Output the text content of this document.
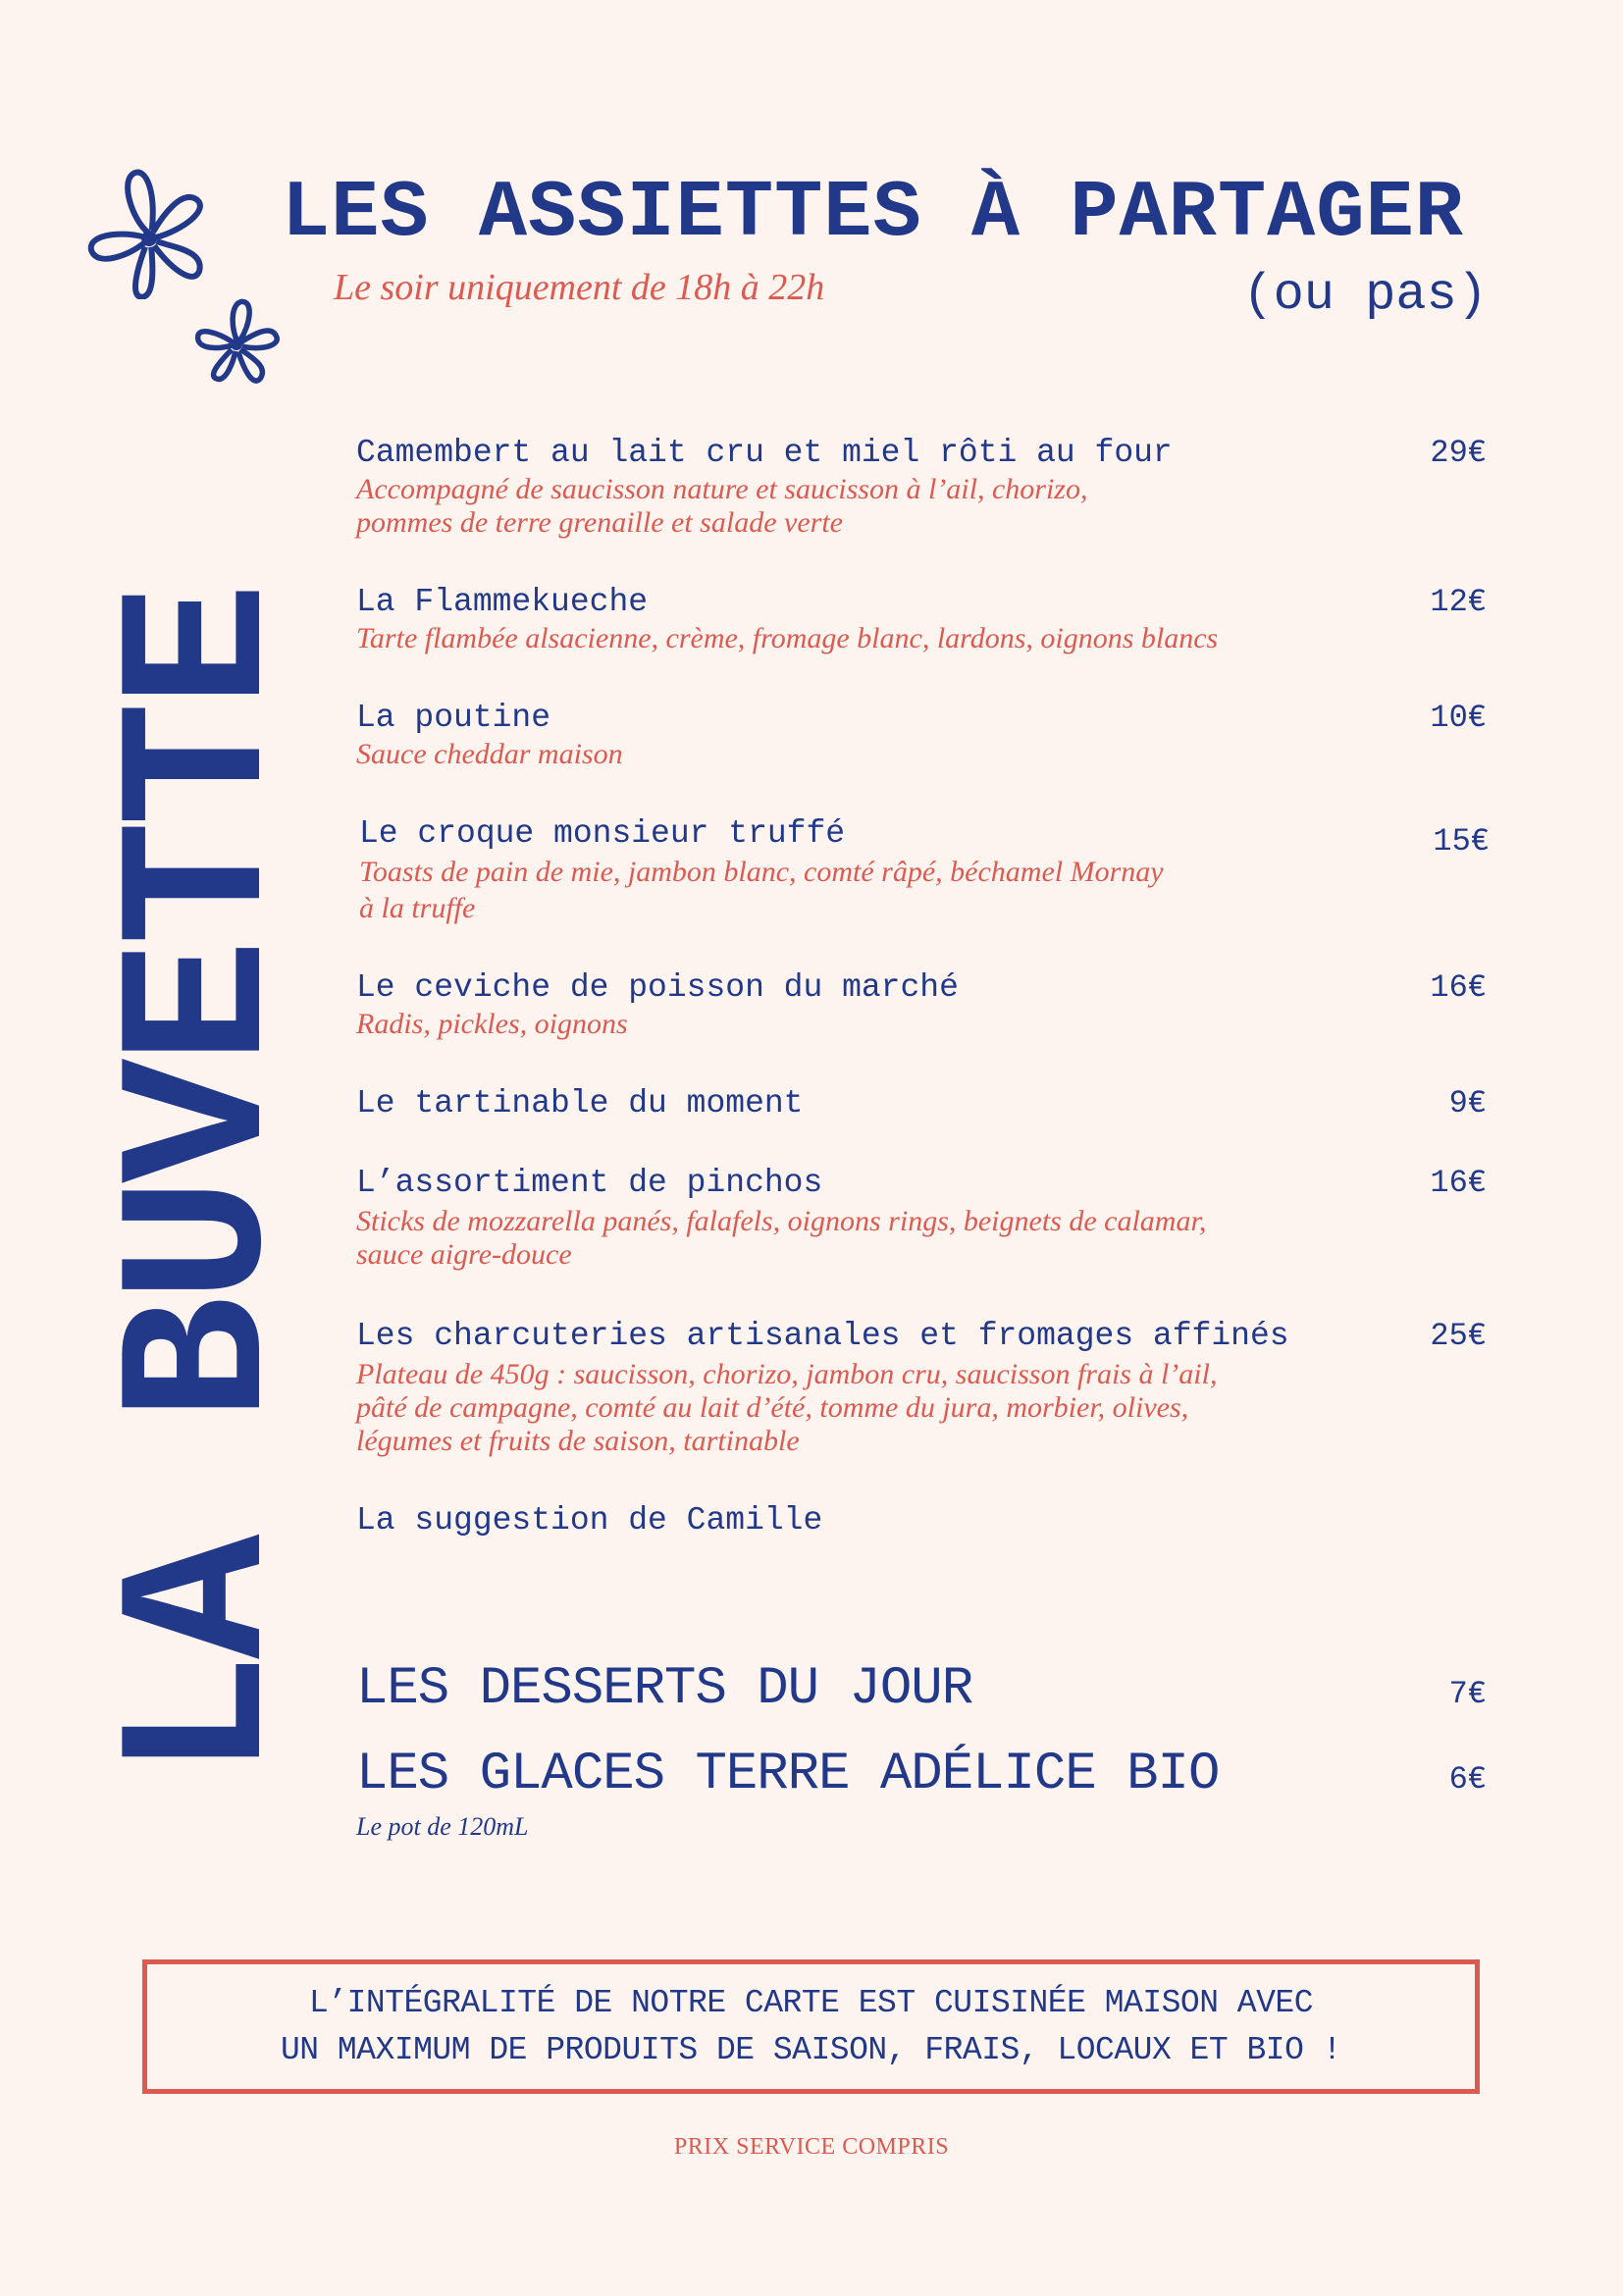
LES ASSIETTES À PARTAGER
Le soir uniquement de 18h à 22h	(ou pas)
LA BUVETTE
Camembert au lait cru et miel rôti au four	29€
Accompagné de saucisson nature et saucisson à l’ail, chorizo,
pommes de terre grenaille et salade verte
La Flammekueche	12€
Tarte flambée alsacienne, crème, fromage blanc, lardons, oignons blancs
La poutine	10€
Sauce cheddar maison
Le croque monsieur truffé	15€
Toasts de pain de mie, jambon blanc, comté râpé, béchamel Mornay
à la truffe
Le ceviche de poisson du marché	16€
Radis, pickles, oignons
Le tartinable du moment	9€
L’assortiment de pinchos	16€
Sticks de mozzarella panés, falafels, oignons rings, beignets de calamar,
sauce aigre-douce
Les charcuteries artisanales et fromages affinés	25€
Plateau de 450g : saucisson, chorizo, jambon cru, saucisson frais à l’ail,
pâté de campagne, comté au lait d’été, tomme du jura, morbier, olives,
légumes et fruits de saison, tartinable
La suggestion de Camille
LES DESSERTS DU JOUR	7€
LES GLACES TERRE ADÉLICE BIO	6€
Le pot de 120mL
L’INTÉGRALITÉ DE NOTRE CARTE EST CUISINÉE MAISON AVEC
UN MAXIMUM DE PRODUITS DE SAISON, FRAIS, LOCAUX ET BIO !
PRIX SERVICE COMPRIS
